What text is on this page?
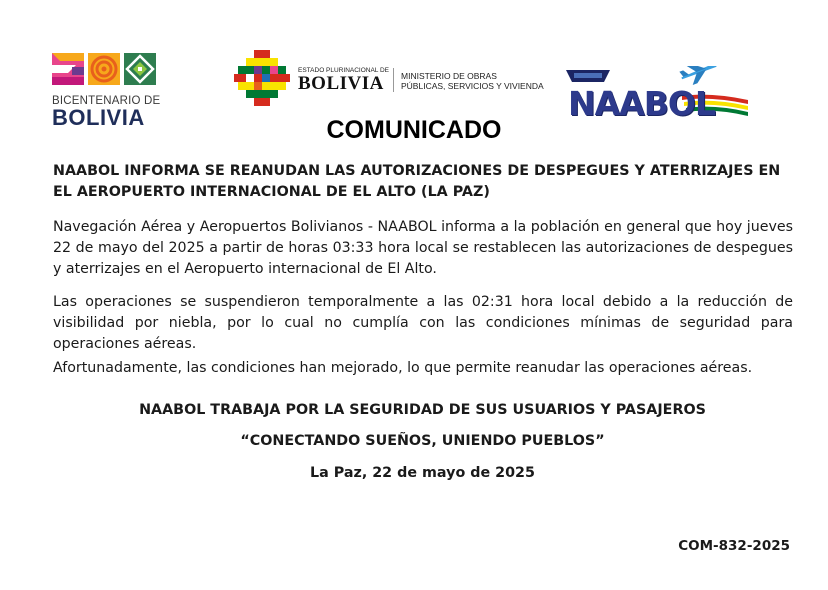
BICENTENARIO DE
BOLIVIA
ESTADO PLURINACIONAL DE
BOLIVIA MINISTERIO DE OBRAS
PÚBLICAS, SERVICIOS Y VIVIENDA NAABOL
COMUNICADO
NAABOL INFORMA SE REANUDAN LAS AUTORIZACIONES DE DESPEGUES Y ATERRIZAJES EN EL AEROPUERTO INTERNACIONAL DE EL ALTO (LA PAZ)

Navegación Aérea y Aeropuertos Bolivianos - NAABOL informa a la población en general que hoy jueves 22 de mayo del 2025 a partir de horas 03:33 hora local se restablecen las autorizaciones de despegues y aterrizajes en el Aeropuerto internacional de El Alto.

Las operaciones se suspendieron temporalmente a las 02:31 hora local debido a la reducción de visibilidad por niebla, por lo cual no cumplía con las condiciones mínimas de seguridad para operaciones aéreas.

Afortunadamente, las condiciones han mejorado, lo que permite reanudar las operaciones aéreas.

NAABOL TRABAJA POR LA SEGURIDAD DE SUS USUARIOS Y PASAJEROS
“CONECTANDO SUEÑOS, UNIENDO PUEBLOS”
La Paz, 22 de mayo de 2025
COM-832-2025
